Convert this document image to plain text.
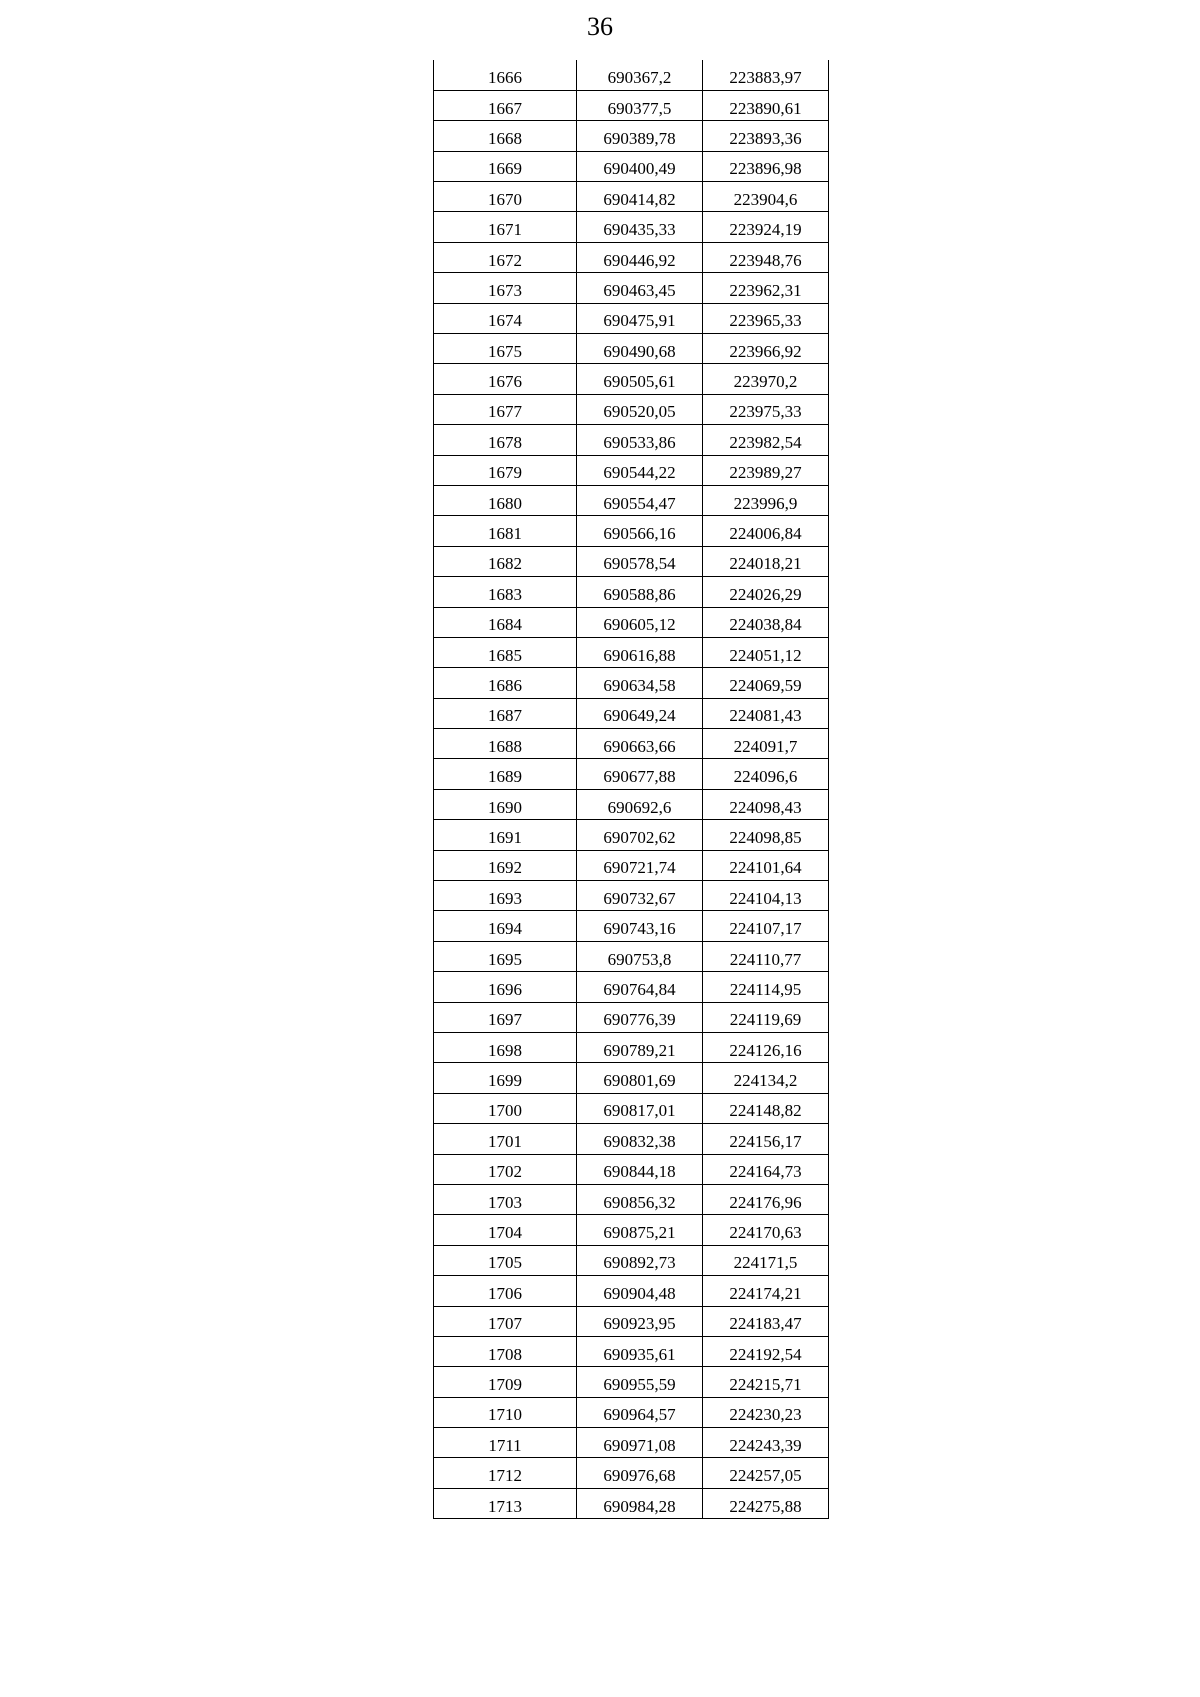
36
1666	690367,2	223883,97
1667	690377,5	223890,61
1668	690389,78	223893,36
1669	690400,49	223896,98
1670	690414,82	223904,6
1671	690435,33	223924,19
1672	690446,92	223948,76
1673	690463,45	223962,31
1674	690475,91	223965,33
1675	690490,68	223966,92
1676	690505,61	223970,2
1677	690520,05	223975,33
1678	690533,86	223982,54
1679	690544,22	223989,27
1680	690554,47	223996,9
1681	690566,16	224006,84
1682	690578,54	224018,21
1683	690588,86	224026,29
1684	690605,12	224038,84
1685	690616,88	224051,12
1686	690634,58	224069,59
1687	690649,24	224081,43
1688	690663,66	224091,7
1689	690677,88	224096,6
1690	690692,6	224098,43
1691	690702,62	224098,85
1692	690721,74	224101,64
1693	690732,67	224104,13
1694	690743,16	224107,17
1695	690753,8	224110,77
1696	690764,84	224114,95
1697	690776,39	224119,69
1698	690789,21	224126,16
1699	690801,69	224134,2
1700	690817,01	224148,82
1701	690832,38	224156,17
1702	690844,18	224164,73
1703	690856,32	224176,96
1704	690875,21	224170,63
1705	690892,73	224171,5
1706	690904,48	224174,21
1707	690923,95	224183,47
1708	690935,61	224192,54
1709	690955,59	224215,71
1710	690964,57	224230,23
1711	690971,08	224243,39
1712	690976,68	224257,05
1713	690984,28	224275,88
